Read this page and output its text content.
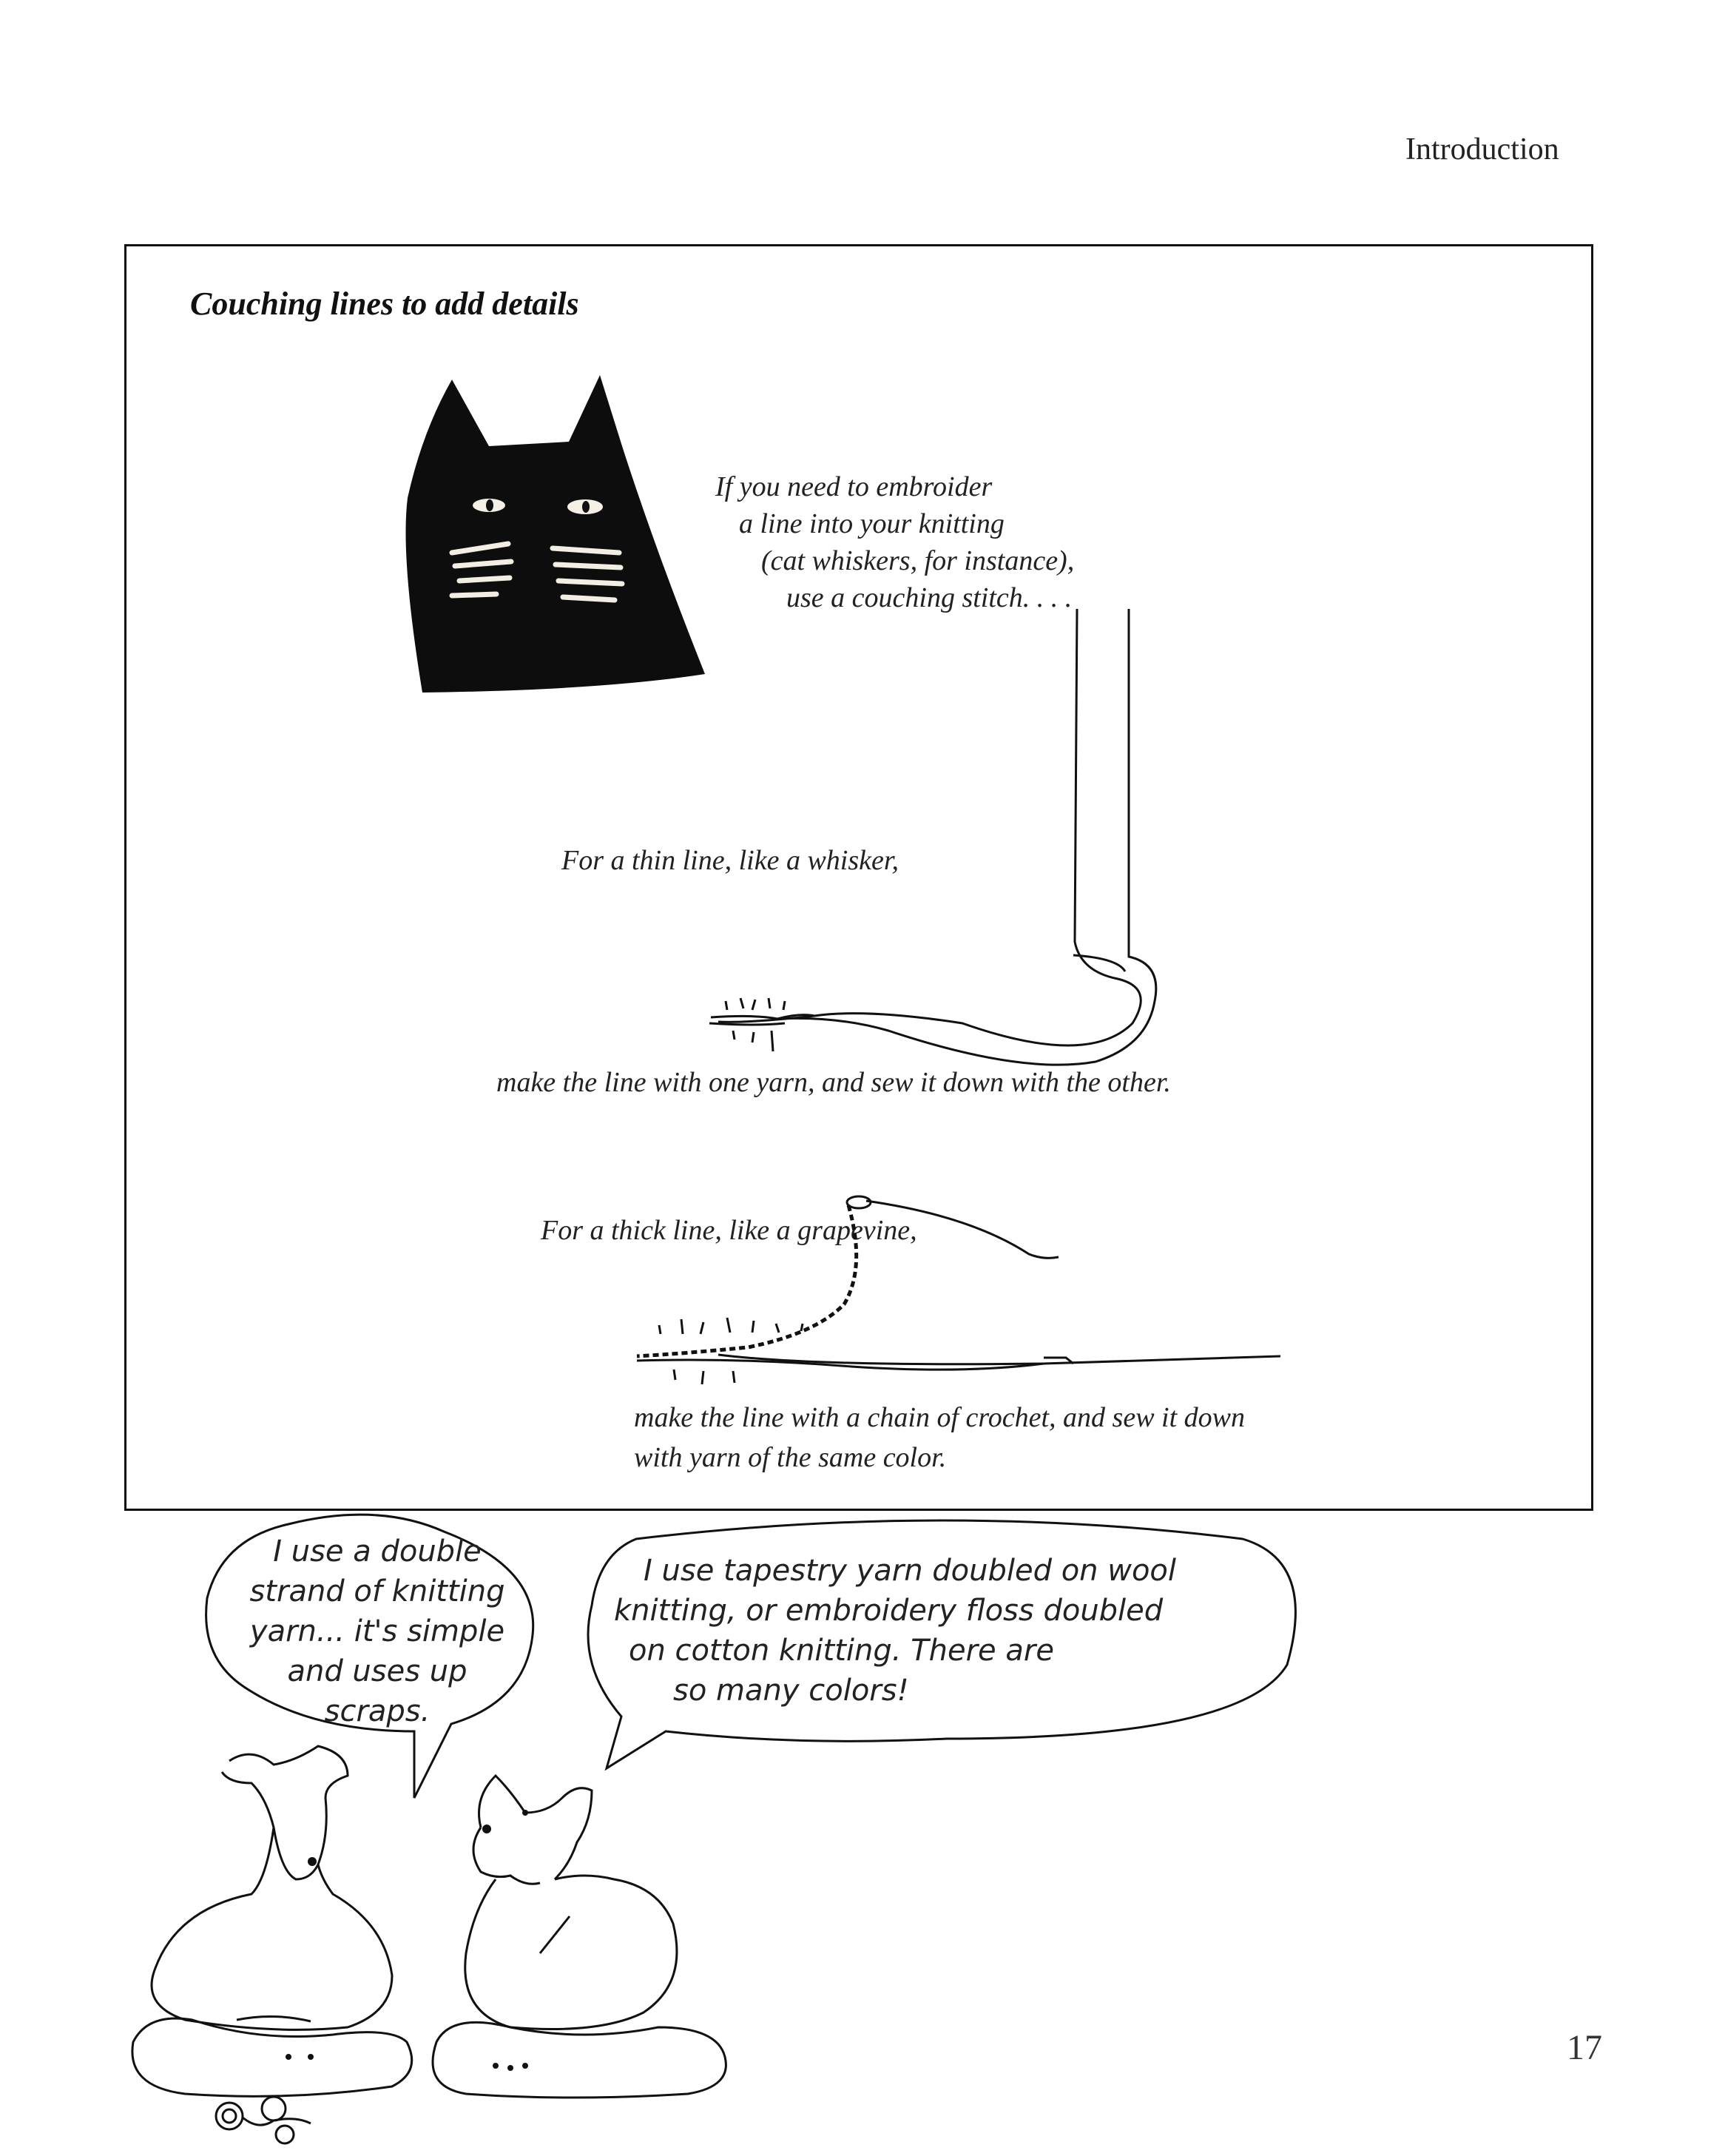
Introduction
Couching lines to add details
If you need to embroider
a line into your knitting
(cat whiskers, for instance),
use a couching stitch. . . .
For a thin line, like a whisker,
make the line with one yarn, and sew it down with the other.
For a thick line, like a grapevine,
make the line with a chain of crochet, and sew it down
with yarn of the same color.
I use a double
strand of knitting
yarn... it's simple
and uses up
scraps.
I use tapestry yarn doubled on wool
knitting, or embroidery floss doubled
on cotton knitting. There are
so many colors!
17
